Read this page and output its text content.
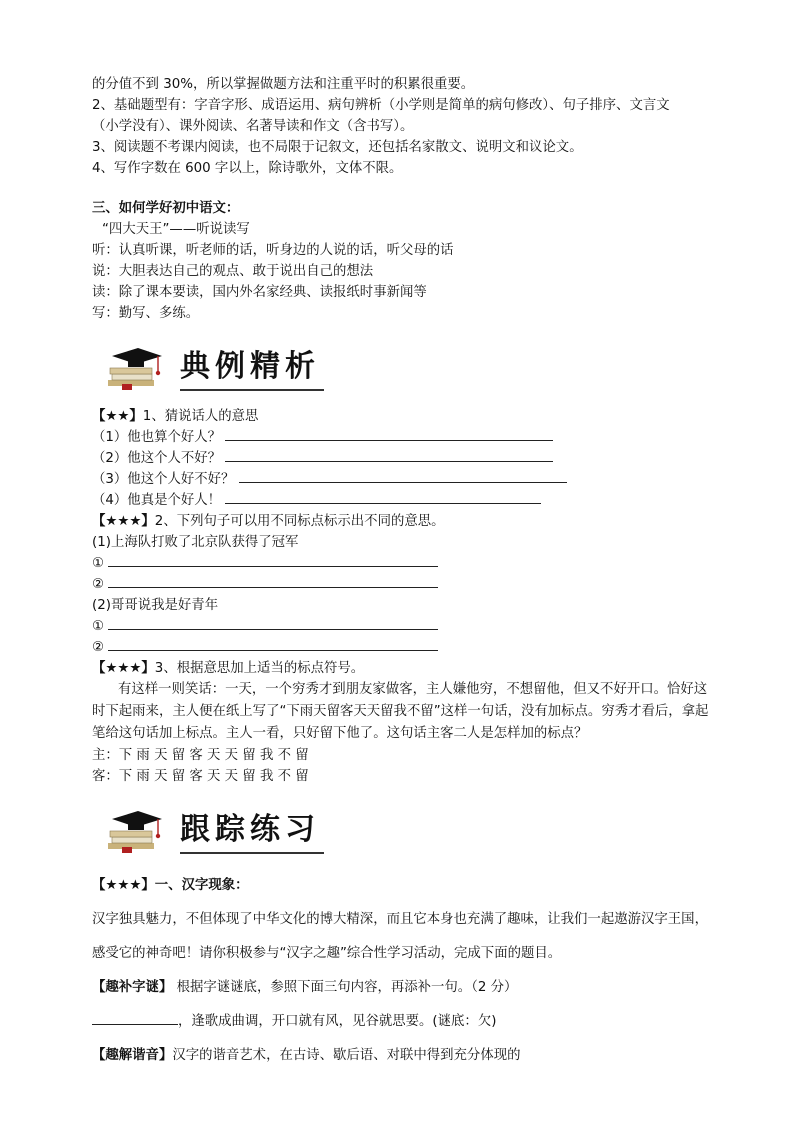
的分值不到 30%，所以掌握做题方法和注重平时的积累很重要。
2、基础题型有：字音字形、成语运用、病句辨析（小学则是简单的病句修改）、句子排序、文言文
（小学没有）、课外阅读、名著导读和作文（含书写）。
3、阅读题不考课内阅读，也不局限于记叙文，还包括名家散文、说明文和议论文。
4、写作字数在 600 字以上，除诗歌外，文体不限。
三、如何学好初中语文：
“四大天王”——听说读写
听：认真听课，听老师的话，听身边的人说的话，听父母的话
说：大胆表达自己的观点、敢于说出自己的想法
读：除了课本要读，国内外名家经典、读报纸时事新闻等
写：勤写、多练。
典例精析
【★★】1、猜说话人的意思
（1）他也算个好人？
（2）他这个人不好？
（3）他这个人好不好？
（4）他真是个好人！
【★★★】2、下列句子可以用不同标点标示出不同的意思。
(1)上海队打败了北京队获得了冠军
①
②
(2)哥哥说我是好青年
①
②
【★★★】3、根据意思加上适当的标点符号。
有这样一则笑话：一天，一个穷秀才到朋友家做客，主人嫌他穷，不想留他，但又不好开口。恰好这时下起雨来，主人便在纸上写了“下雨天留客天天留我不留”这样一句话，没有加标点。穷秀才看后，拿起笔给这句话加上标点。主人一看，只好留下他了。这句话主客二人是怎样加的标点？
主：下 雨 天 留 客 天 天 留 我 不 留
客：下 雨 天 留 客 天 天 留 我 不 留
跟踪练习
【★★★】一、汉字现象：
汉字独具魅力，不但体现了中华文化的博大精深，而且它本身也充满了趣味，让我们一起遨游汉字王国，感受它的神奇吧！请你积极参与“汉字之趣”综合性学习活动，完成下面的题目。
【趣补字谜】 根据字谜谜底，参照下面三句内容，再添补一句。（2 分）
，逢歌成曲调，开口就有风，见谷就思要。(谜底：欠)
【趣解谐音】汉字的谐音艺术，在古诗、歇后语、对联中得到充分体现的
